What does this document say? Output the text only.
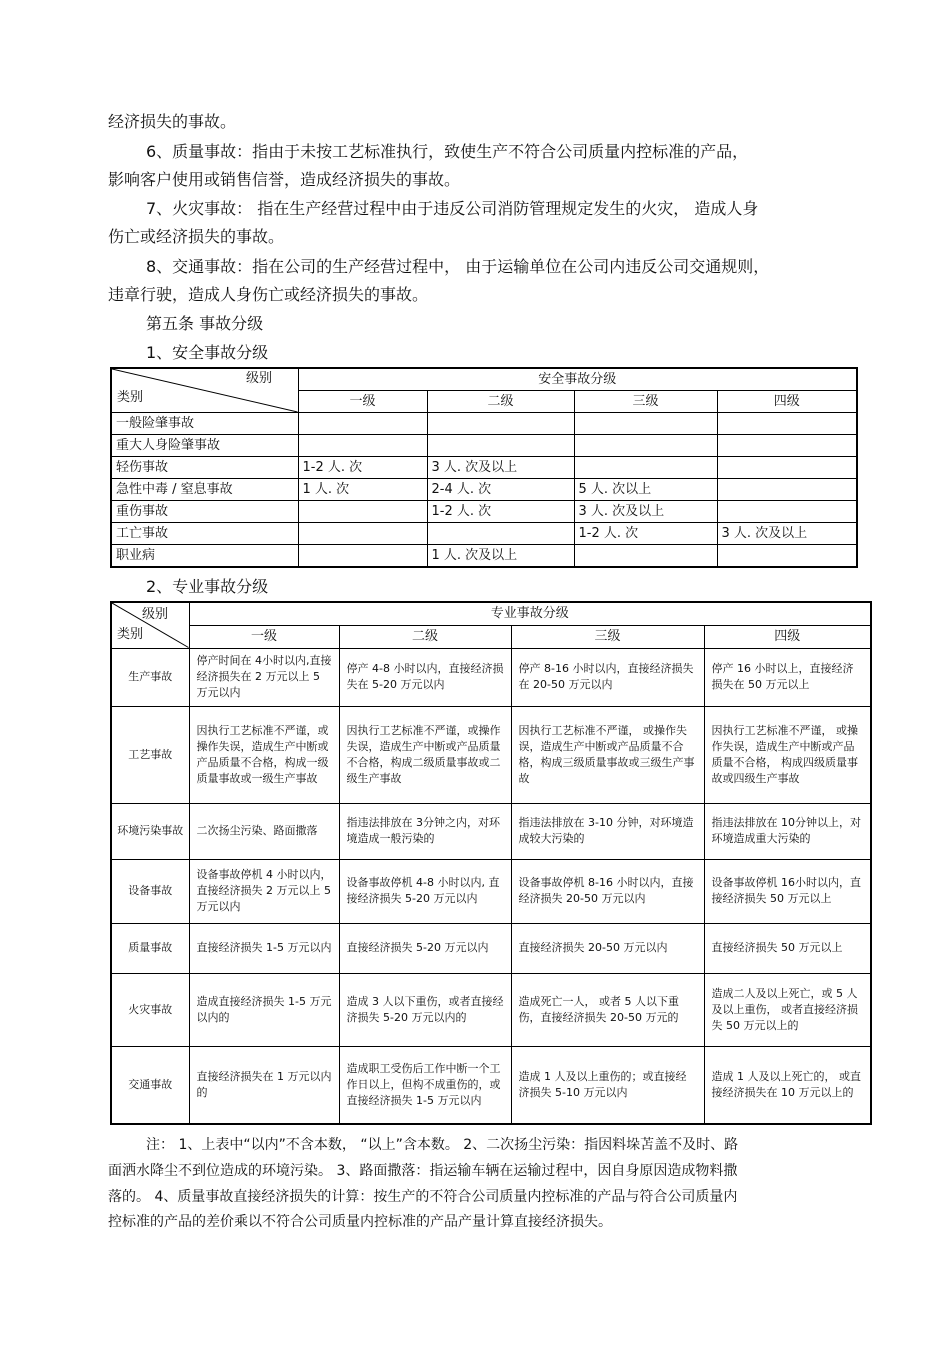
经济损失的事故。
6、质量事故：指由于未按工艺标准执行，致使生产不符合公司质量内控标准的产品，
影响客户使用或销售信誉，造成经济损失的事故。
7、火灾事故： 指在生产经营过程中由于违反公司消防管理规定发生的火灾， 造成人身
伤亡或经济损失的事故。
8、交通事故：指在公司的生产经营过程中， 由于运输单位在公司内违反公司交通规则，
违章行驶，造成人身伤亡或经济损失的事故。
第五条 事故分级
1、安全事故分级
级别
类别	安全事故分级			
	一级	二级	三级	四级
一般险肇事故				
重大人身险肇事故				
轻伤事故	1-2 人. 次	3 人. 次及以上		
急性中毒 / 窒息事故	1 人. 次	2-4 人. 次	5 人. 次以上	
重伤事故		1-2 人. 次	3 人. 次及以上	
工亡事故			1-2 人. 次	3 人. 次及以上
职业病		1 人. 次及以上		
2、专业事故分级
级别
类别	专业事故分级			
	一级	二级	三级	四级
生产事故	停产时间在 4小时以内,直接经济损失在 2 万元以上 5 万元以内	停产 4-8 小时以内，直接经济损失在 5-20 万元以内	停产 8-16 小时以内，直接经济损失在 20-50 万元以内	停产 16 小时以上，直接经济损失在 50 万元以上
工艺事故	因执行工艺标准不严谨，或操作失误，造成生产中断或产品质量不合格，构成一级质量事故或一级生产事故	因执行工艺标准不严谨，或操作失误，造成生产中断或产品质量不合格，构成二级质量事故或二级生产事故	因执行工艺标准不严谨， 或操作失误，造成生产中断或产品质量不合格，构成三级质量事故或三级生产事故	因执行工艺标准不严谨， 或操作失误，造成生产中断或产品质量不合格， 构成四级质量事故或四级生产事故
环境污染事故	二次扬尘污染、路面撒落	指违法排放在 3分钟之内，对环境造成一般污染的	指违法排放在 3-10 分钟，对环境造成较大污染的	指违法排放在 10分钟以上，对环境造成重大污染的
设备事故	设备事故停机 4 小时以内，直接经济损失 2 万元以上 5 万元以内	设备事故停机 4-8 小时以内, 直接经济损失 5-20 万元以内	设备事故停机 8-16 小时以内，直接经济损失 20-50 万元以内	设备事故停机 16小时以内，直接经济损失 50 万元以上
质量事故	直接经济损失 1-5 万元以内	直接经济损失 5-20 万元以内	直接经济损失 20-50 万元以内	直接经济损失 50 万元以上
火灾事故	造成直接经济损失 1-5 万元以内的	造成 3 人以下重伤，或者直接经济损失 5-20 万元以内的	造成死亡一人， 或者 5 人以下重伤，直接经济损失 20-50 万元的	造成二人及以上死亡，或 5 人及以上重伤， 或者直接经济损失 50 万元以上的
交通事故	直接经济损失在 1 万元以内的	造成职工受伤后工作中断一个工作日以上，但构不成重伤的，或直接经济损失 1-5 万元以内	造成 1 人及以上重伤的；或直接经济损失 5-10 万元以内	造成 1 人及以上死亡的， 或直接经济损失在 10 万元以上的
注： 1、上表中“以内”不含本数， “以上”含本数。 2、二次扬尘污染：指因料垛苫盖不及时、路
面洒水降尘不到位造成的环境污染。 3、路面撒落：指运输车辆在运输过程中，因自身原因造成物料撒
落的。 4、质量事故直接经济损失的计算：按生产的不符合公司质量内控标准的产品与符合公司质量内
控标准的产品的差价乘以不符合公司质量内控标准的产品产量计算直接经济损失。
